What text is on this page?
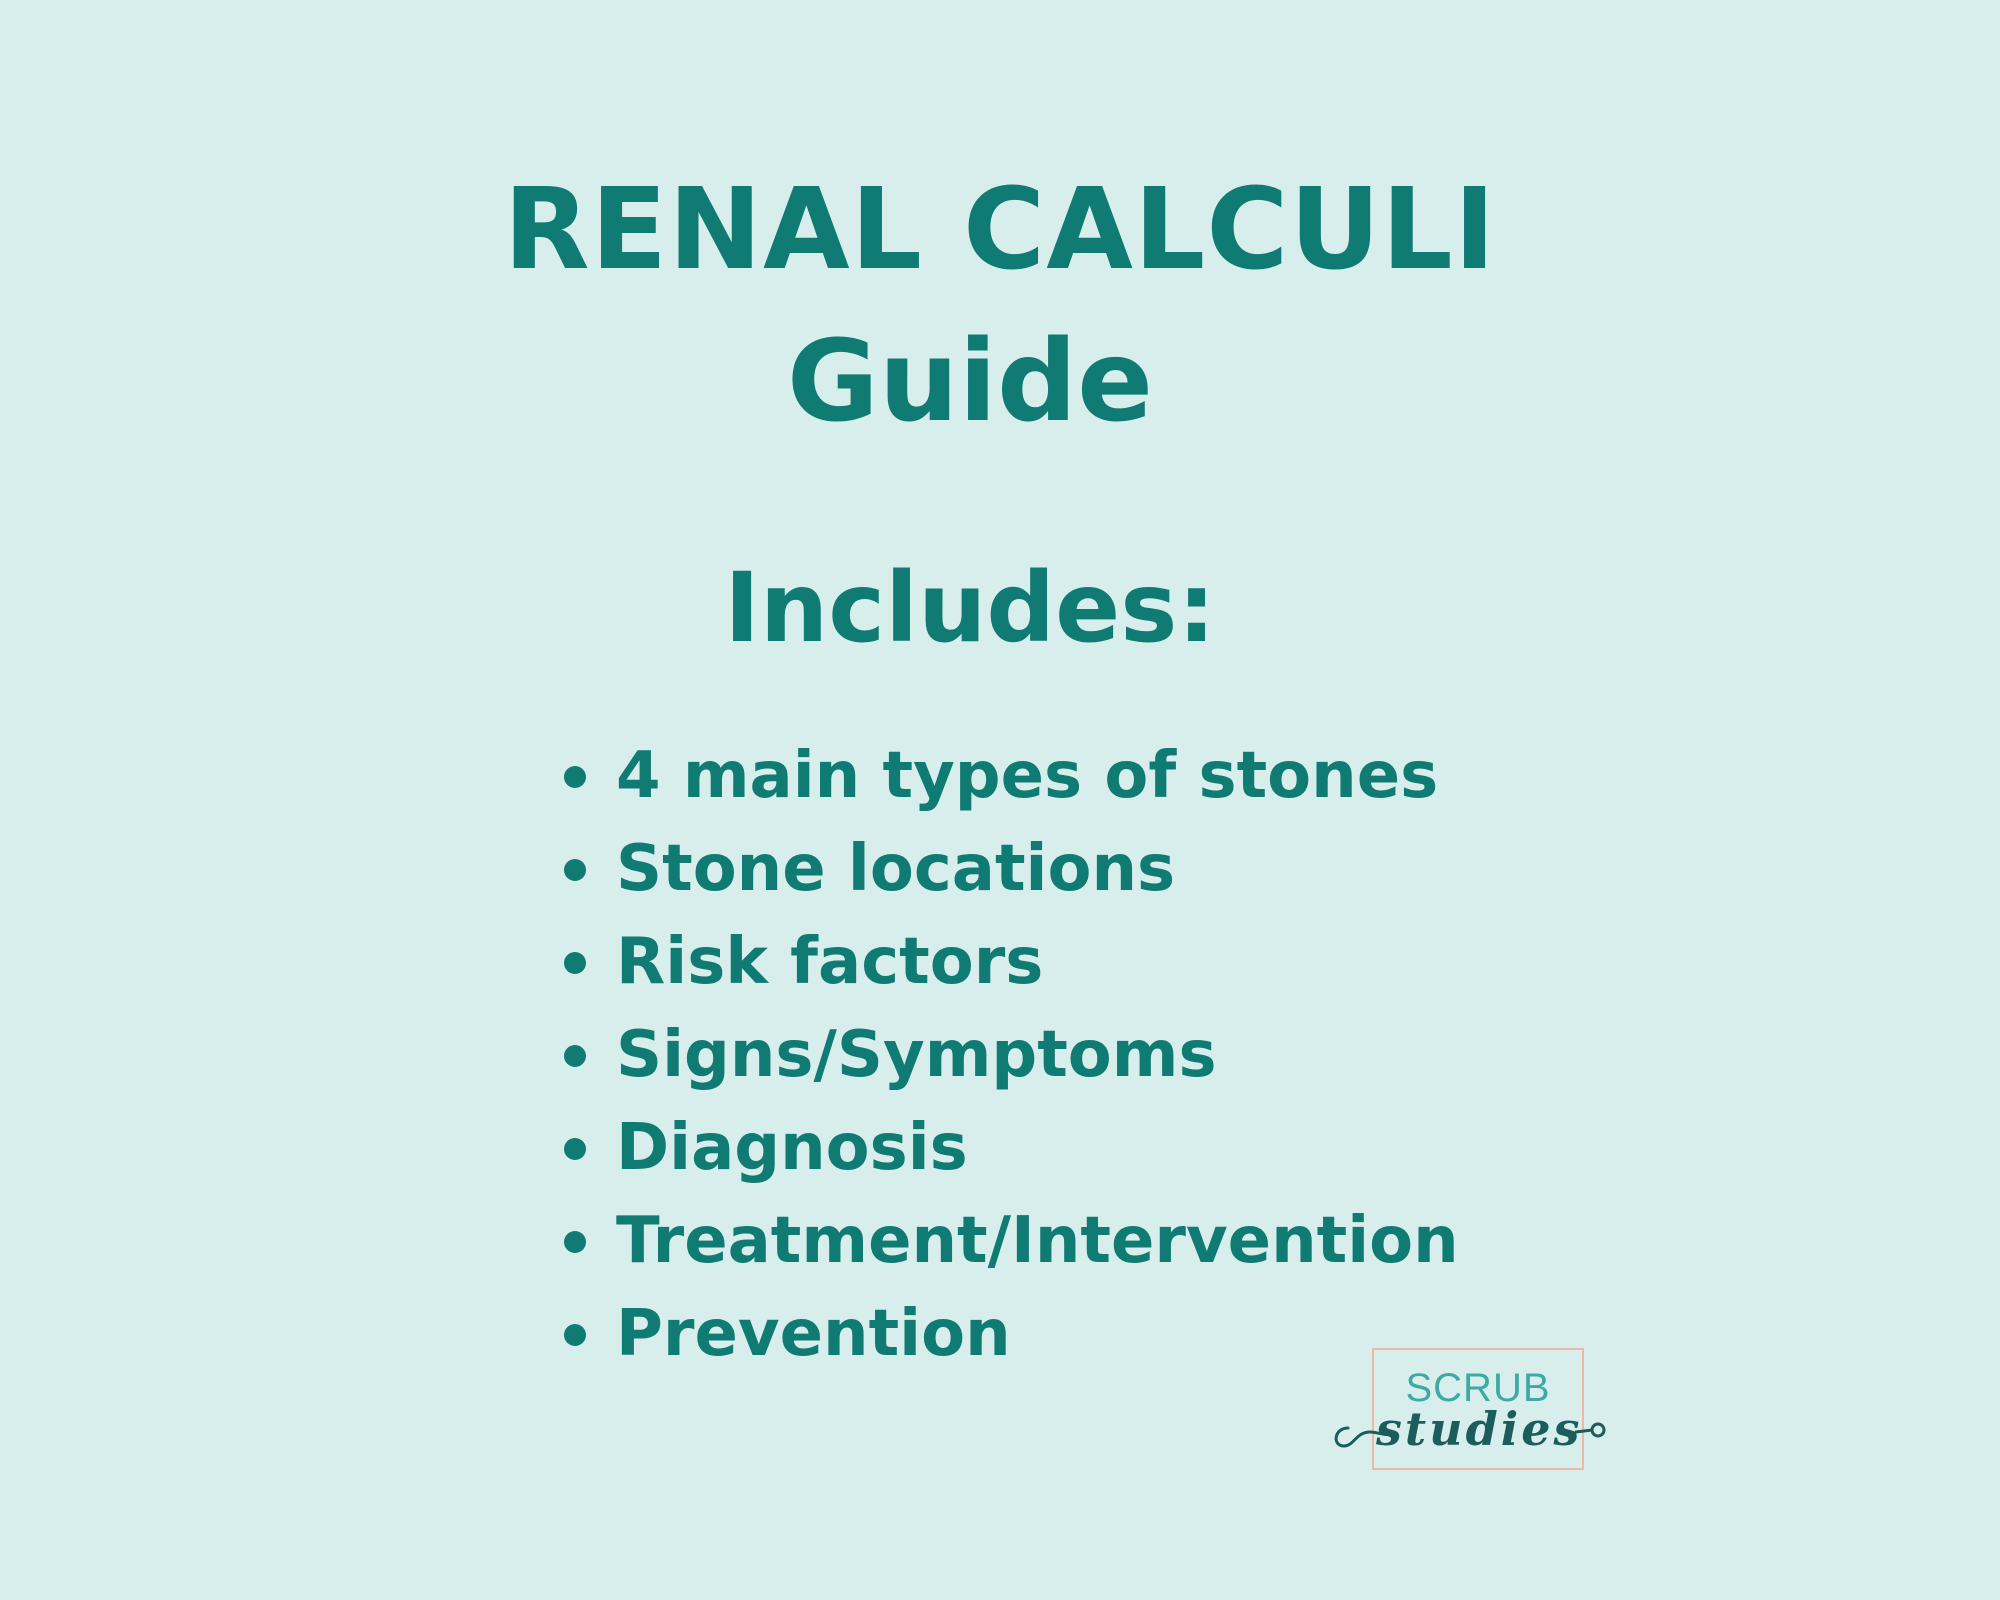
RENAL CALCULI
Guide
Includes:
4 main types of stones
Stone locations
Risk factors
Signs/Symptoms
Diagnosis
Treatment/Intervention
Prevention
SCRUB
studies
